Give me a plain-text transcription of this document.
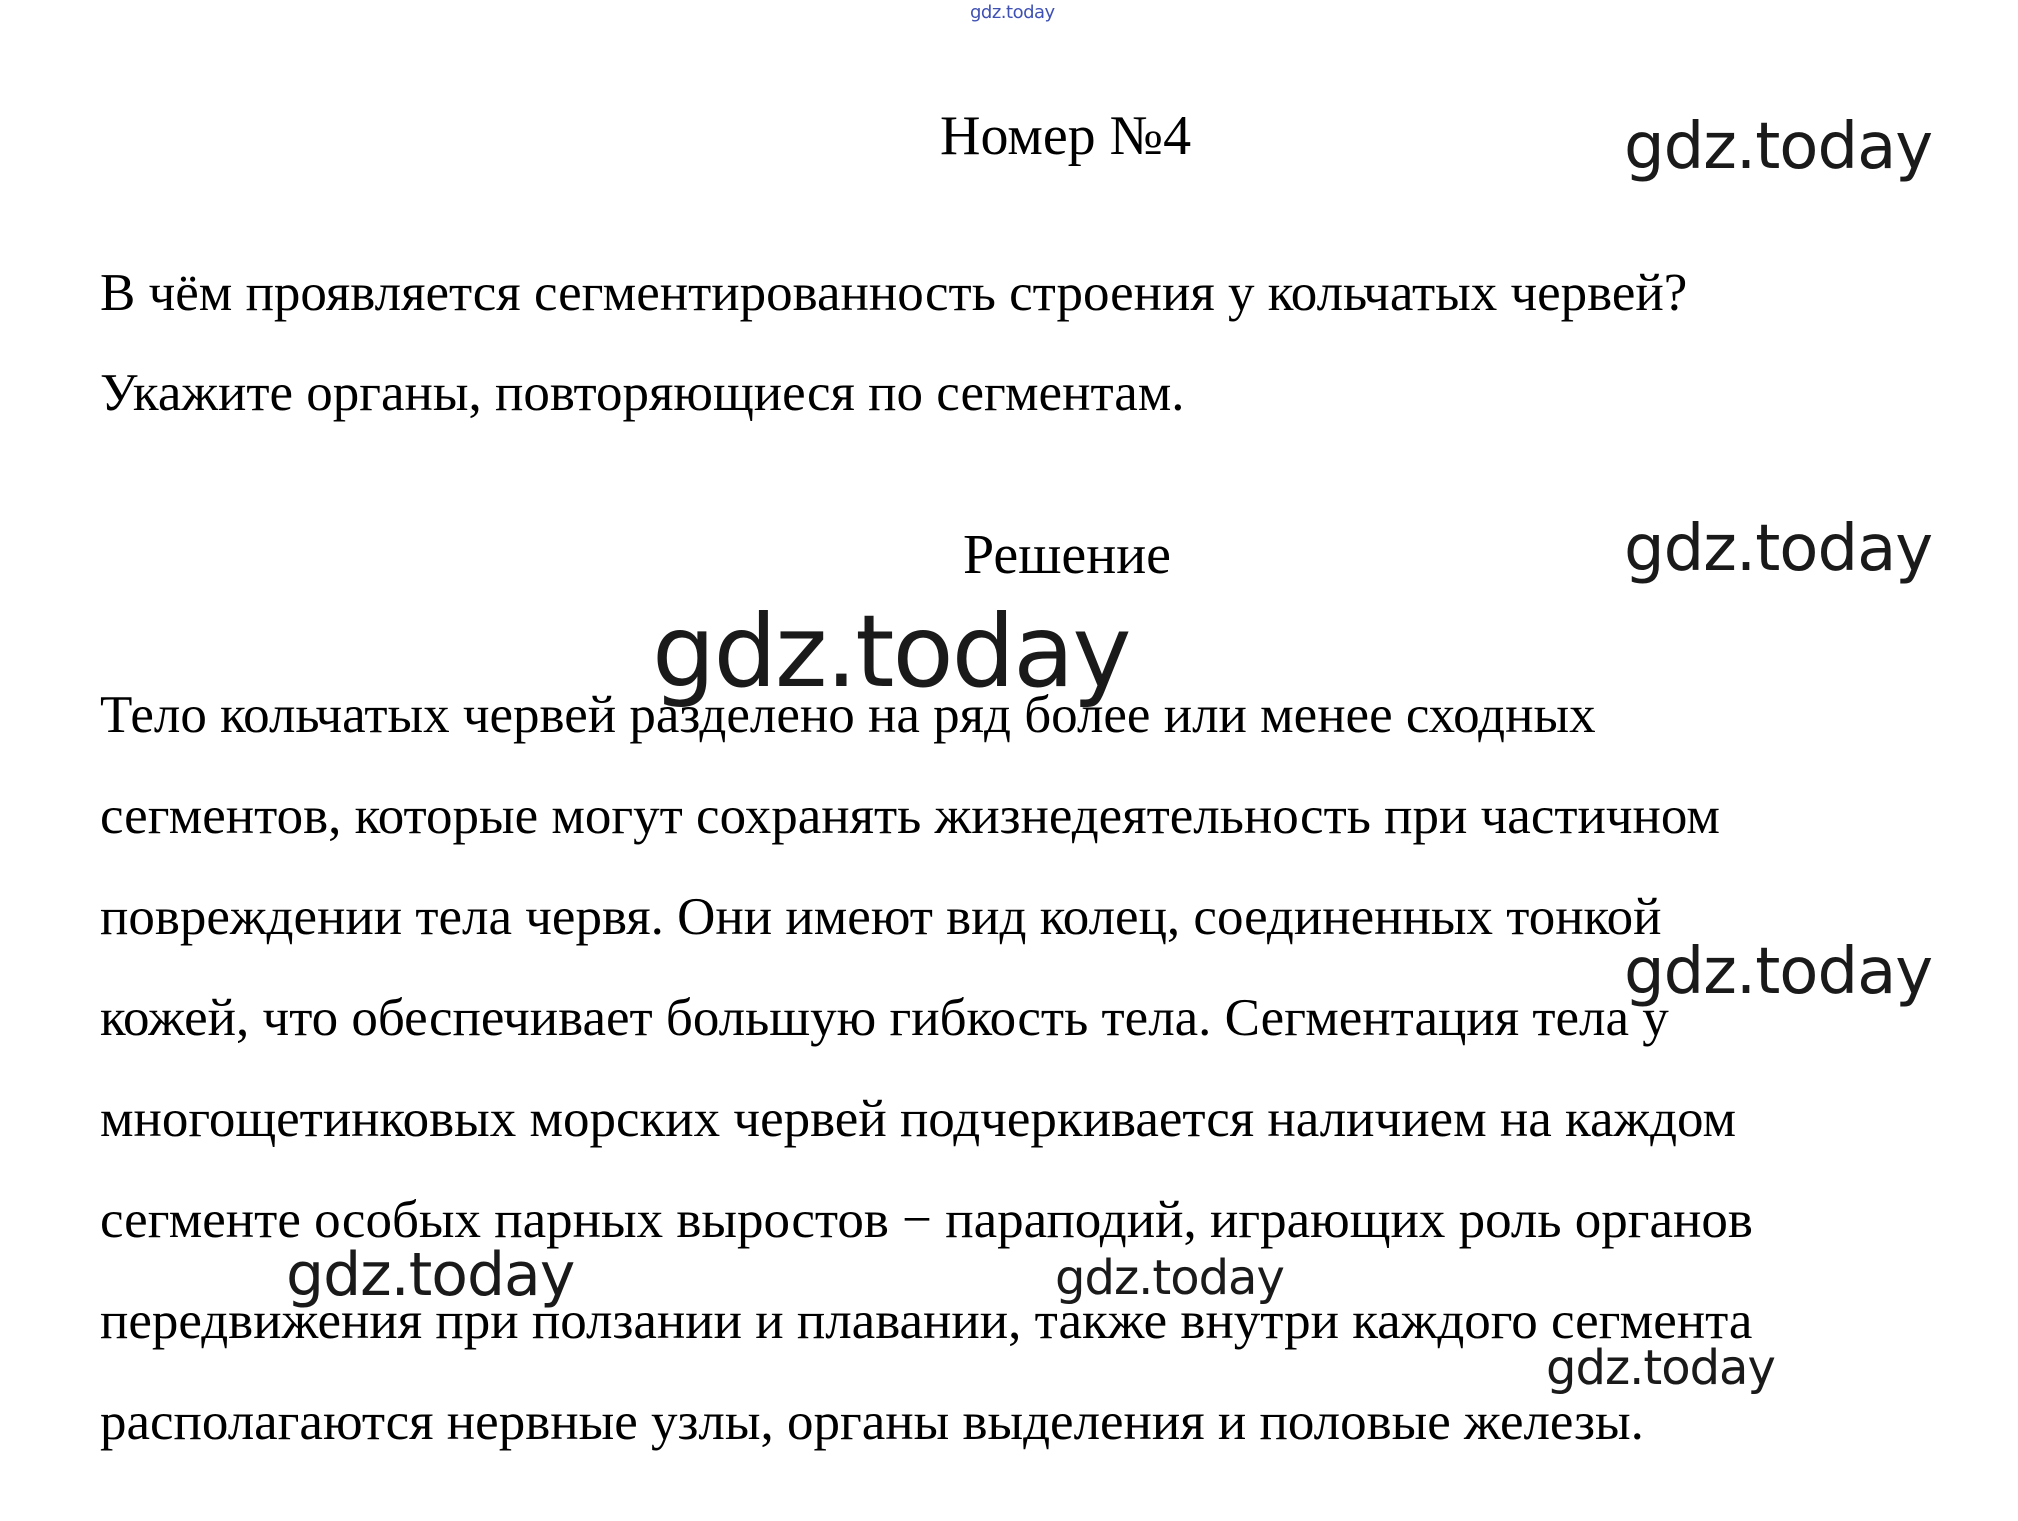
gdz.today
Номер №4
В чём проявляется сегментированность строения у кольчатых червей?
Укажите органы, повторяющиеся по сегментам.
Решение
Тело кольчатых червей разделено на ряд более или менее сходных
сегментов, которые могут сохранять жизнедеятельность при частичном
повреждении тела червя. Они имеют вид колец, соединенных тонкой
кожей, что обеспечивает большую гибкость тела. Сегментация тела у
многощетинковых морских червей подчеркивается наличием на каждом
сегменте особых парных выростов − параподий, играющих роль органов
передвижения при ползании и плавании, также внутри каждого сегмента
располагаются нервные узлы, органы выделения и половые железы.
gdz.today
gdz.today
gdz.today
gdz.today
gdz.today	gdz.today
gdz.today
